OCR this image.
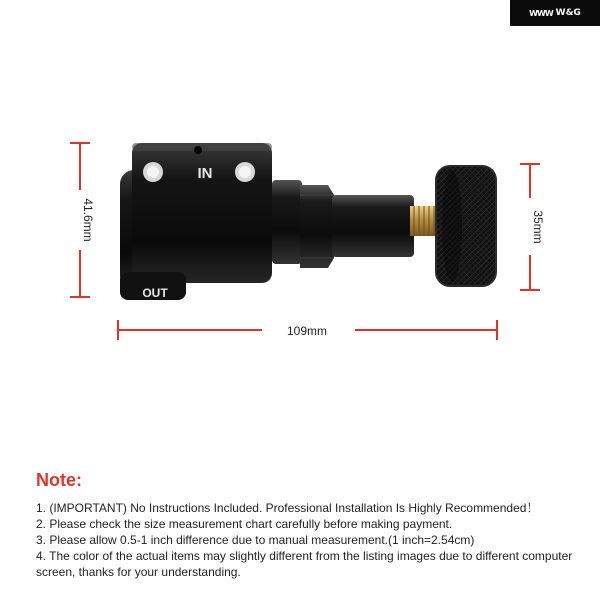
WWW W&G
IN
OUT
41.6mm	35mm
109mm
Note:
1. (IMPORTANT) No Instructions Included. Professional Installation Is Highly Recommended！
2. Please check the size measurement chart carefully before making payment.
3. Please allow 0.5-1 inch difference due to manual measurement.(1 inch=2.54cm)
4. The color of the actual items may slightly different from the listing images due to different computer screen, thanks for your understanding.
